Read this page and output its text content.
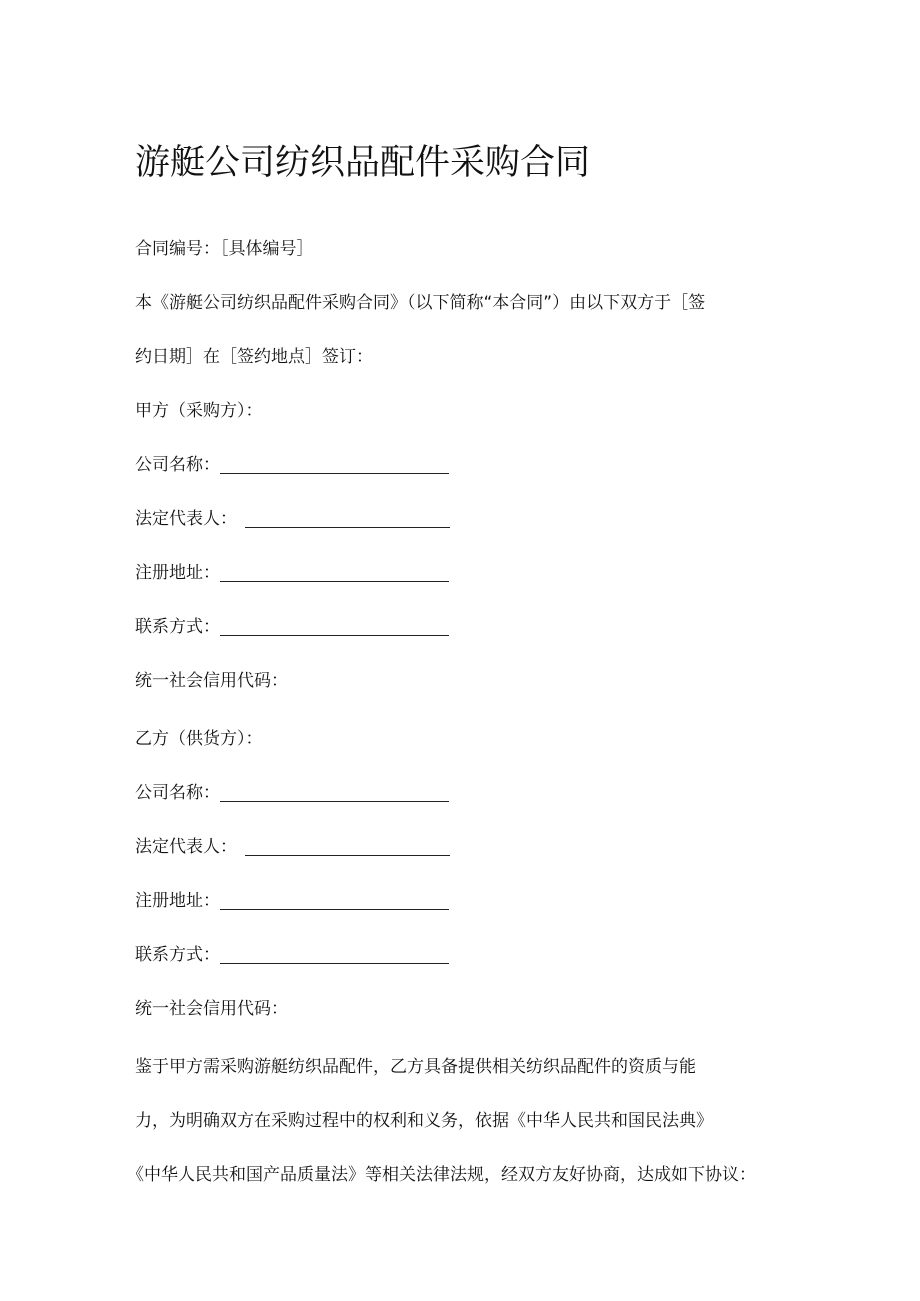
游艇公司纺织品配件采购合同
合同编号：［具体编号］
本《游艇公司纺织品配件采购合同》（以下简称“本合同”）由以下双方于［签
约日期］在［签约地点］签订：
甲方（采购方）：
公司名称：
法定代表人：
注册地址：
联系方式：
统一社会信用代码：
乙方（供货方）：
公司名称：
法定代表人：
注册地址：
联系方式：
统一社会信用代码：
鉴于甲方需采购游艇纺织品配件，乙方具备提供相关纺织品配件的资质与能
力，为明确双方在采购过程中的权利和义务，依据《中华人民共和国民法典》
《中华人民共和国产品质量法》等相关法律法规，经双方友好协商，达成如下协议：
